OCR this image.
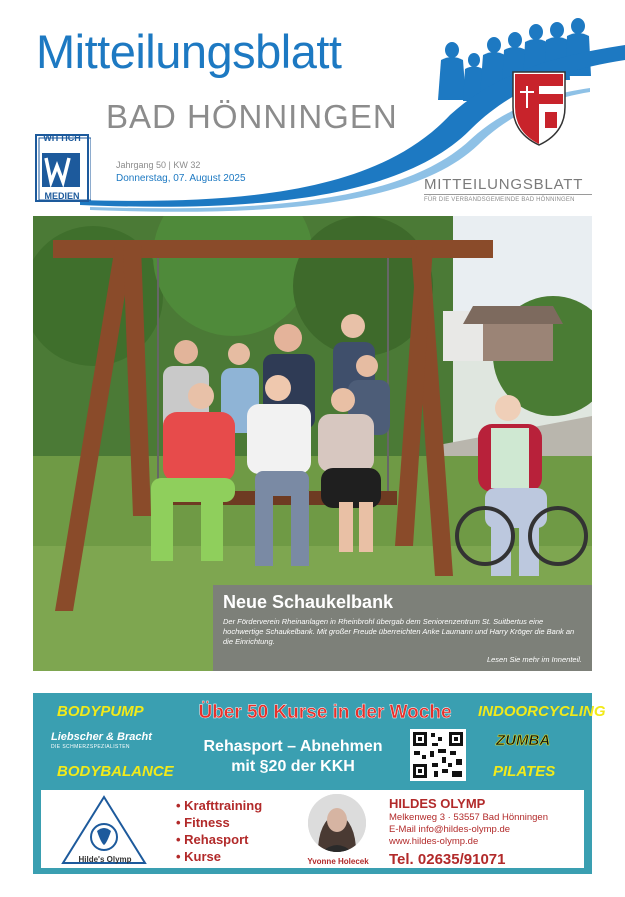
Mitteilungsblatt
BAD HÖNNINGEN
WITTICH
MEDIEN
Jahrgang 50 | KW 32
Donnerstag, 07. August 2025	MITTEILUNGSBLATT
FÜR DIE VERBANDSGEMEINDE BAD HÖNNINGEN
Neue Schaukelbank

Der Förderverein Rheinanlagen in Rheinbrohl übergab dem Seniorenzentrum St. Suitbertus eine hochwertige Schaukelbank. Mit großer Freude überreichten Anke Laumann und Harry Kröger die Bank an die Einrichtung.

Lesen Sie mehr im Innenteil.
BODYPUMP
BODYBALANCE
INDOORCYCLING
PILATES
Über 50 Kurse in der Woche
Liebscher & Bracht
DIE SCHMERZSPEZIALISTEN	Rehasport – Abnehmen
mit §20 der KKH
ZUMBA
Hilde's Olymp
• Krafttraining
• Fitness
• Rehasport
• Kurse	Yvonne Holecek
HILDES OLYMP
Melkenweg 3 · 53557 Bad Hönningen
E-Mail info@hildes-olymp.de
www.hildes-olymp.de
Tel. 02635/91071
